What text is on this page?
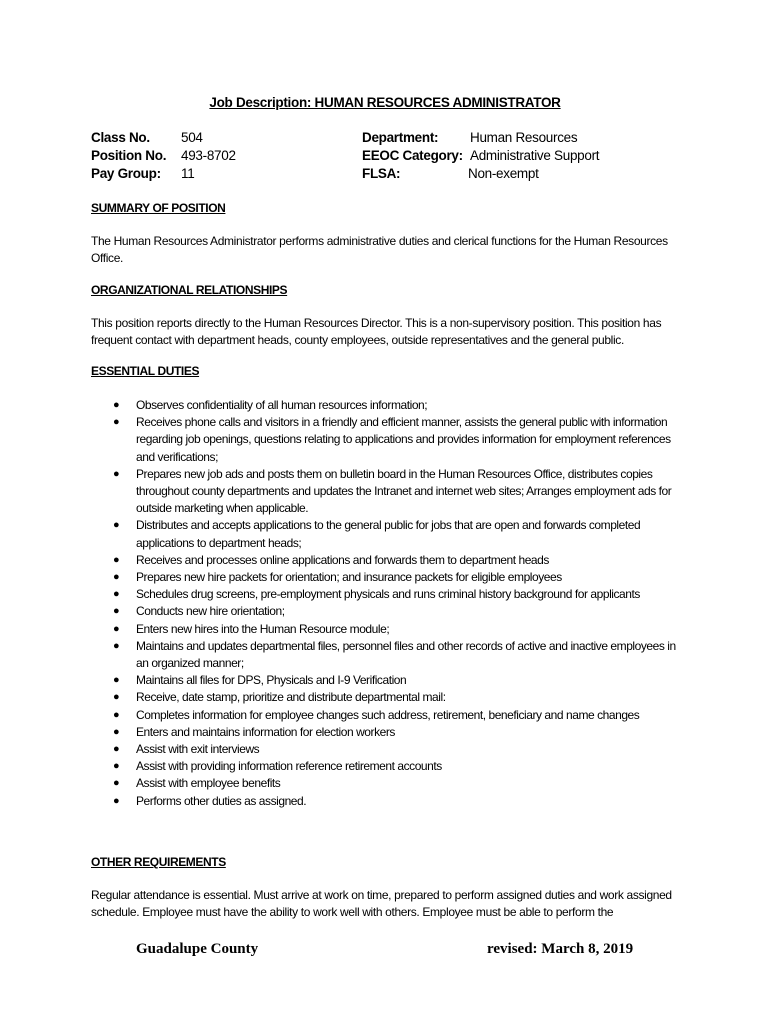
Job Description: HUMAN RESOURCES ADMINISTRATOR
Class No. 504
Position No. 493-8702
Pay Group: 11
Department: Human Resources
EEOC Category: Administrative Support
FLSA:	Non-exempt
SUMMARY OF POSITION
The Human Resources Administrator performs administrative duties and clerical functions for the Human Resources Office.
ORGANIZATIONAL RELATIONSHIPS
This position reports directly to the Human Resources Director. This is a non-supervisory position. This position has frequent contact with department heads, county employees, outside representatives and the general public.
ESSENTIAL DUTIES
● Observes confidentiality of all human resources information;
● Receives phone calls and visitors in a friendly and efficient manner, assists the general public with information regarding job openings, questions relating to applications and provides information for employment references and verifications;
● Prepares new job ads and posts them on bulletin board in the Human Resources Office, distributes copies throughout county departments and updates the Intranet and internet web sites; Arranges employment ads for outside marketing when applicable.
● Distributes and accepts applications to the general public for jobs that are open and forwards completed applications to department heads;
● Receives and processes online applications and forwards them to department heads
● Prepares new hire packets for orientation; and insurance packets for eligible employees
● Schedules drug screens, pre-employment physicals and runs criminal history background for applicants
● Conducts new hire orientation;
● Enters new hires into the Human Resource module;
● Maintains and updates departmental files, personnel files and other records of active and inactive employees in an organized manner;
● Maintains all files for DPS, Physicals and I-9 Verification
● Receive, date stamp, prioritize and distribute departmental mail:
● Completes information for employee changes such address, retirement, beneficiary and name changes
● Enters and maintains information for election workers
● Assist with exit interviews
● Assist with providing information reference retirement accounts
● Assist with employee benefits
● Performs other duties as assigned.
OTHER REQUIREMENTS
Regular attendance is essential. Must arrive at work on time, prepared to perform assigned duties and work assigned schedule. Employee must have the ability to work well with others. Employee must be able to perform the
Guadalupe County	revised: March 8, 2019
